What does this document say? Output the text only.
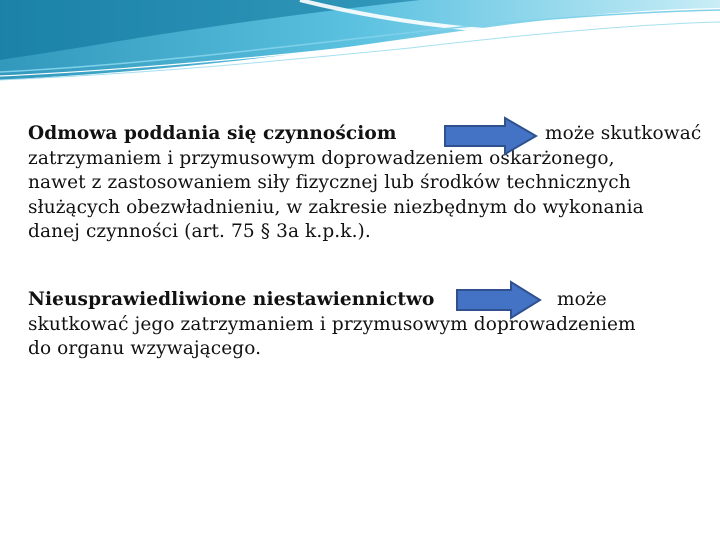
Odmowa poddania się czynnościom
zatrzymaniem i przymusowym doprowadzeniem oskarżonego,
nawet z zastosowaniem siły fizycznej lub środków technicznych
służących obezwładnieniu, w zakresie niezbędnym do wykonania
danej czynności (art. 75 § 3a k.p.k.).
może skutkować
Nieusprawiedliwione niestawiennictwo
skutkować jego zatrzymaniem i przymusowym doprowadzeniem
do organu wzywającego.
może
